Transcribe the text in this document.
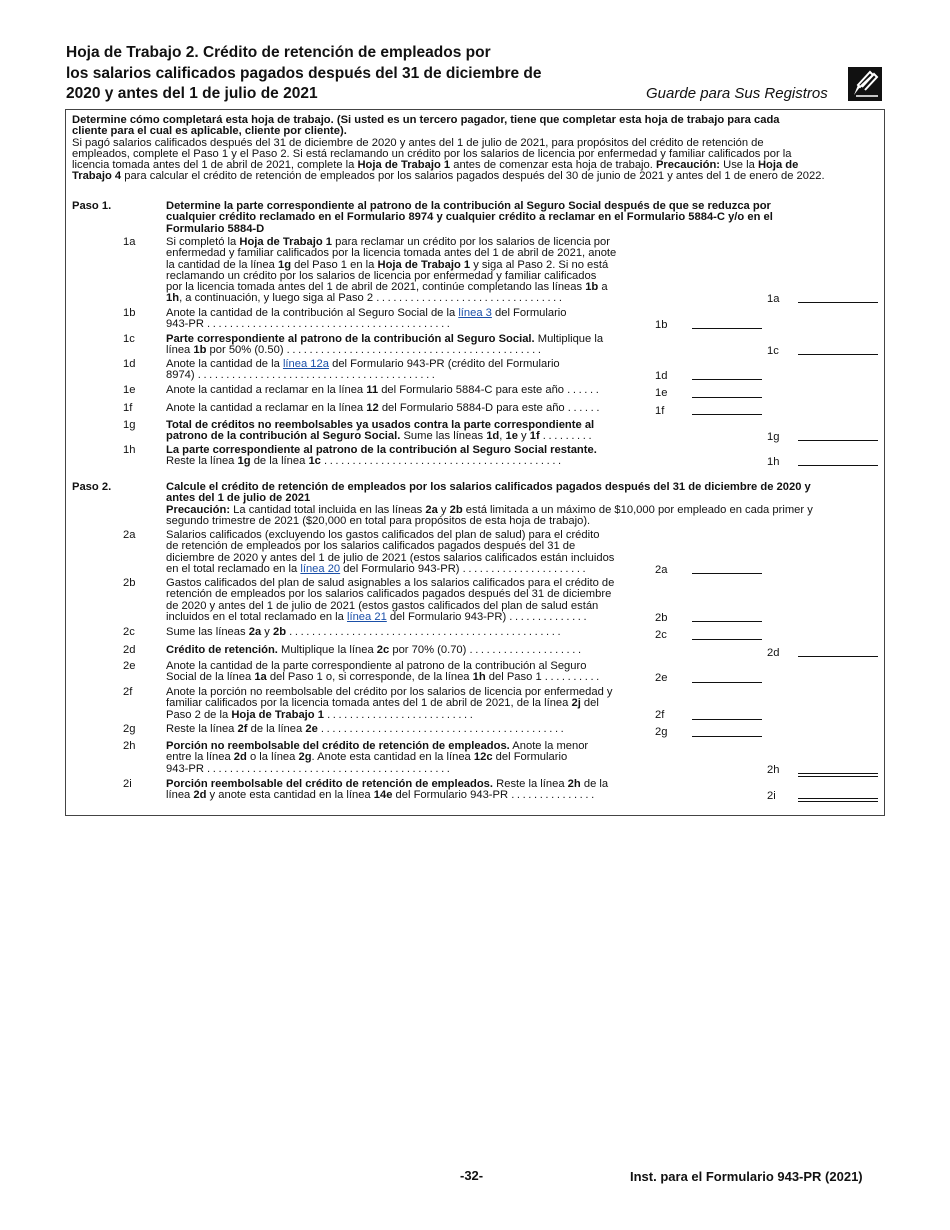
Hoja de Trabajo 2. Crédito de retención de empleados por
los salarios calificados pagados después del 31 de diciembre de
2020 y antes del 1 de julio de 2021	Guarde para Sus Registros

Determine cómo completará esta hoja de trabajo. (Si usted es un tercero pagador, tiene que completar esta hoja de trabajo para cada

cliente para el cual es aplicable, cliente por cliente).

Si pagó salarios calificados después del 31 de diciembre de 2020 y antes del 1 de julio de 2021, para propósitos del crédito de retención de

empleados, complete el Paso 1 y el Paso 2. Si está reclamando un crédito por los salarios de licencia por enfermedad y familiar calificados por la

licencia tomada antes del 1 de abril de 2021, complete la Hoja de Trabajo 1 antes de comenzar esta hoja de trabajo. Precaución: Use la Hoja de

Trabajo 4 para calcular el crédito de retención de empleados por los salarios pagados después del 30 de junio de 2021 y antes del 1 de enero de 2022.

Paso 1.	Determine la parte correspondiente al patrono de la contribución al Seguro Social después de que se reduzca por
cualquier crédito reclamado en el Formulario 8974 y cualquier crédito a reclamar en el Formulario 5884-C y/o en el
Formulario 5884-D
1a	Si completó la Hoja de Trabajo 1 para reclamar un crédito por los salarios de licencia por
enfermedad y familiar calificados por la licencia tomada antes del 1 de abril de 2021, anote
la cantidad de la línea 1g del Paso 1 en la Hoja de Trabajo 1 y siga al Paso 2. Si no está
reclamando un crédito por los salarios de licencia por enfermedad y familiar calificados
por la licencia tomada antes del 1 de abril de 2021, continúe completando las líneas 1b a
1h, a continuación, y luego siga al Paso 2 .................................	1a
1b	Anote la cantidad de la contribución al Seguro Social de la línea 3 del Formulario
943-PR ...........................................	1b
1c	Parte correspondiente al patrono de la contribución al Seguro Social. Multiplique la
línea 1b por 50% (0.50) .............................................	1c
1d	Anote la cantidad de la línea 12a del Formulario 943-PR (crédito del Formulario
8974) ..........................................	1d
1e	Anote la cantidad a reclamar en la línea 11 del Formulario 5884-C para este año ......	1e
1f	Anote la cantidad a reclamar en la línea 12 del Formulario 5884-D para este año ......	1f
1g	Total de créditos no reembolsables ya usados contra la parte correspondiente al
patrono de la contribución al Seguro Social. Sume las líneas 1d, 1e y 1f .........	1g
1h	La parte correspondiente al patrono de la contribución al Seguro Social restante.
Reste la línea 1g de la línea 1c ..........................................	1h
Paso 2.	Calcule el crédito de retención de empleados por los salarios calificados pagados después del 31 de diciembre de 2020 y
antes del 1 de julio de 2021
Precaución: La cantidad total incluida en las líneas 2a y 2b está limitada a un máximo de $10,000 por empleado en cada primer y
segundo trimestre de 2021 ($20,000 en total para propósitos de esta hoja de trabajo).
2a	Salarios calificados (excluyendo los gastos calificados del plan de salud) para el crédito
de retención de empleados por los salarios calificados pagados después del 31 de
diciembre de 2020 y antes del 1 de julio de 2021 (estos salarios calificados están incluidos
en el total reclamado en la línea 20 del Formulario 943-PR) ......................	2a
2b	Gastos calificados del plan de salud asignables a los salarios calificados para el crédito de
retención de empleados por los salarios calificados pagados después del 31 de diciembre
de 2020 y antes del 1 de julio de 2021 (estos gastos calificados del plan de salud están
incluidos en el total reclamado en la línea 21 del Formulario 943-PR) ..............	2b
2c	Sume las líneas 2a y 2b ................................................	2c
2d	Crédito de retención. Multiplique la línea 2c por 70% (0.70) ....................	2d
2e	Anote la cantidad de la parte correspondiente al patrono de la contribución al Seguro
Social de la línea 1a del Paso 1 o, si corresponde, de la línea 1h del Paso 1 ..........	2e
2f	Anote la porción no reembolsable del crédito por los salarios de licencia por enfermedad y
familiar calificados por la licencia tomada antes del 1 de abril de 2021, de la línea 2j del
Paso 2 de la Hoja de Trabajo 1 ..........................	2f
2g	Reste la línea 2f de la línea 2e ...........................................	2g
2h	Porción no reembolsable del crédito de retención de empleados. Anote la menor
entre la línea 2d o la línea 2g. Anote esta cantidad en la línea 12c del Formulario
943-PR ...........................................	2h
2i	Porción reembolsable del crédito de retención de empleados. Reste la línea 2h de la
línea 2d y anote esta cantidad en la línea 14e del Formulario 943-PR ...............	2i
-32-	Inst. para el Formulario 943-PR (2021)
